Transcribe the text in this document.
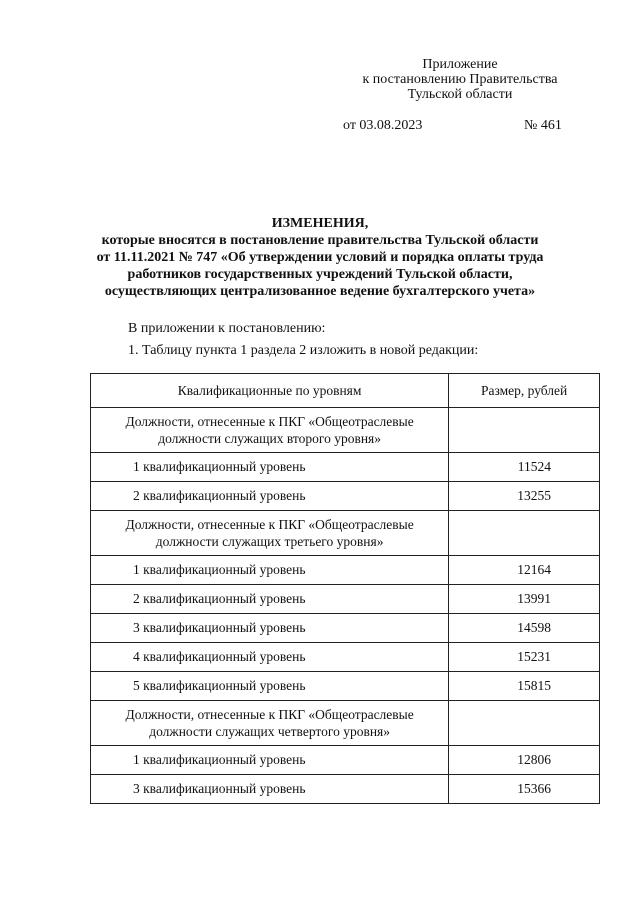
Приложение
к постановлению Правительства
Тульской области
от 03.08.2023	№ 461
ИЗМЕНЕНИЯ,
которые вносятся в постановление правительства Тульской области
от 11.11.2021 № 747 «Об утверждении условий и порядка оплаты труда
работников государственных учреждений Тульской области,
осуществляющих централизованное ведение бухгалтерского учета»
В приложении к постановлению:
1. Таблицу пункта 1 раздела 2 изложить в новой редакции:
Квалификационные по уровням	Размер, рублей

Должности, отнесенные к ПКГ «Общеотраслевые
должности служащих второго уровня»	

1 квалификационный уровень	11524
2 квалификационный уровень	13255

Должности, отнесенные к ПКГ «Общеотраслевые
должности служащих третьего уровня»	

1 квалификационный уровень	12164
2 квалификационный уровень	13991
3 квалификационный уровень	14598
4 квалификационный уровень	15231
5 квалификационный уровень	15815

Должности, отнесенные к ПКГ «Общеотраслевые
должности служащих четвертого уровня»	

1 квалификационный уровень	12806
3 квалификационный уровень	15366
